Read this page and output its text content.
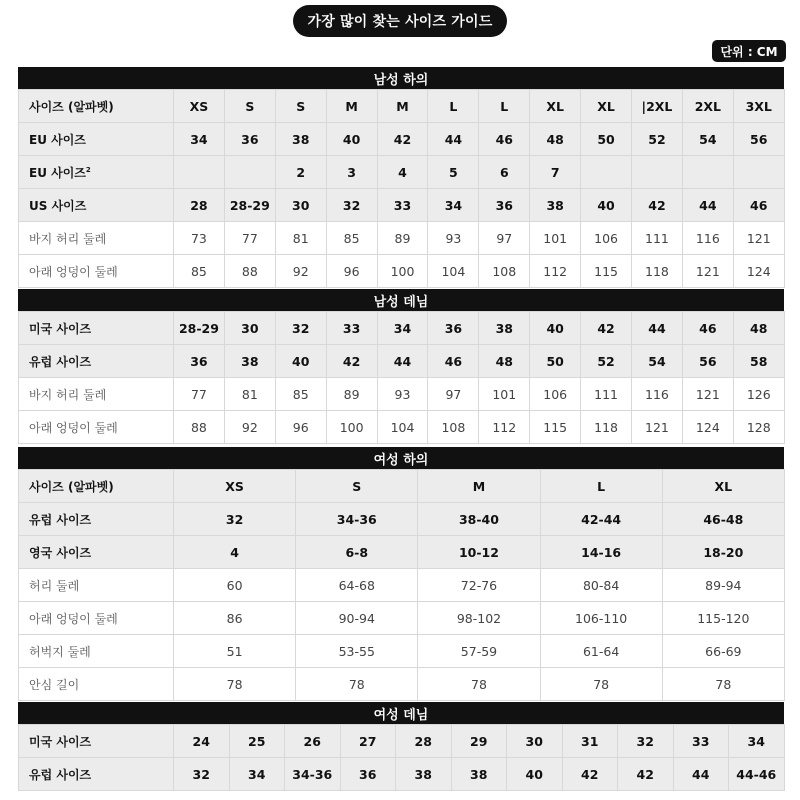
가장 많이 찾는 사이즈 가이드
단위 : CM
남성 하의
사이즈 (알파벳)	XS	S	S	M	M	L	L	XL	XL	|2XL	2XL	3XL
EU 사이즈	34	36	38	40	42	44	46	48	50	52	54	56
EU 사이즈$^2$			2	3	4	5	6	7				
US 사이즈	28	28-29	30	32	33	34	36	38	40	42	44	46
바지 허리 둘레	73	77	81	85	89	93	97	101	106	111	116	121
아래 엉덩이 둘레	85	88	92	96	100	104	108	112	115	118	121	124
남성 데님
미국 사이즈	28-29	30	32	33	34	36	38	40	42	44	46	48
유럽 사이즈	36	38	40	42	44	46	48	50	52	54	56	58
바지 허리 둘레	77	81	85	89	93	97	101	106	111	116	121	126
아래 엉덩이 둘레	88	92	96	100	104	108	112	115	118	121	124	128
여성 하의
사이즈 (알파벳)	XS	S	M	L	XL
유럽 사이즈	32	34-36	38-40	42-44	46-48
영국 사이즈	4	6-8	10-12	14-16	18-20
허리 둘레	60	64-68	72-76	80-84	89-94
아래 엉덩이 둘레	86	90-94	98-102	106-110	115-120
허벅지 둘레	51	53-55	57-59	61-64	66-69
안심 길이	78	78	78	78	78
여성 데님
미국 사이즈	24	25	26	27	28	29	30	31	32	33	34
유럽 사이즈	32	34	34-36	36	38	38	40	42	42	44	44-46
